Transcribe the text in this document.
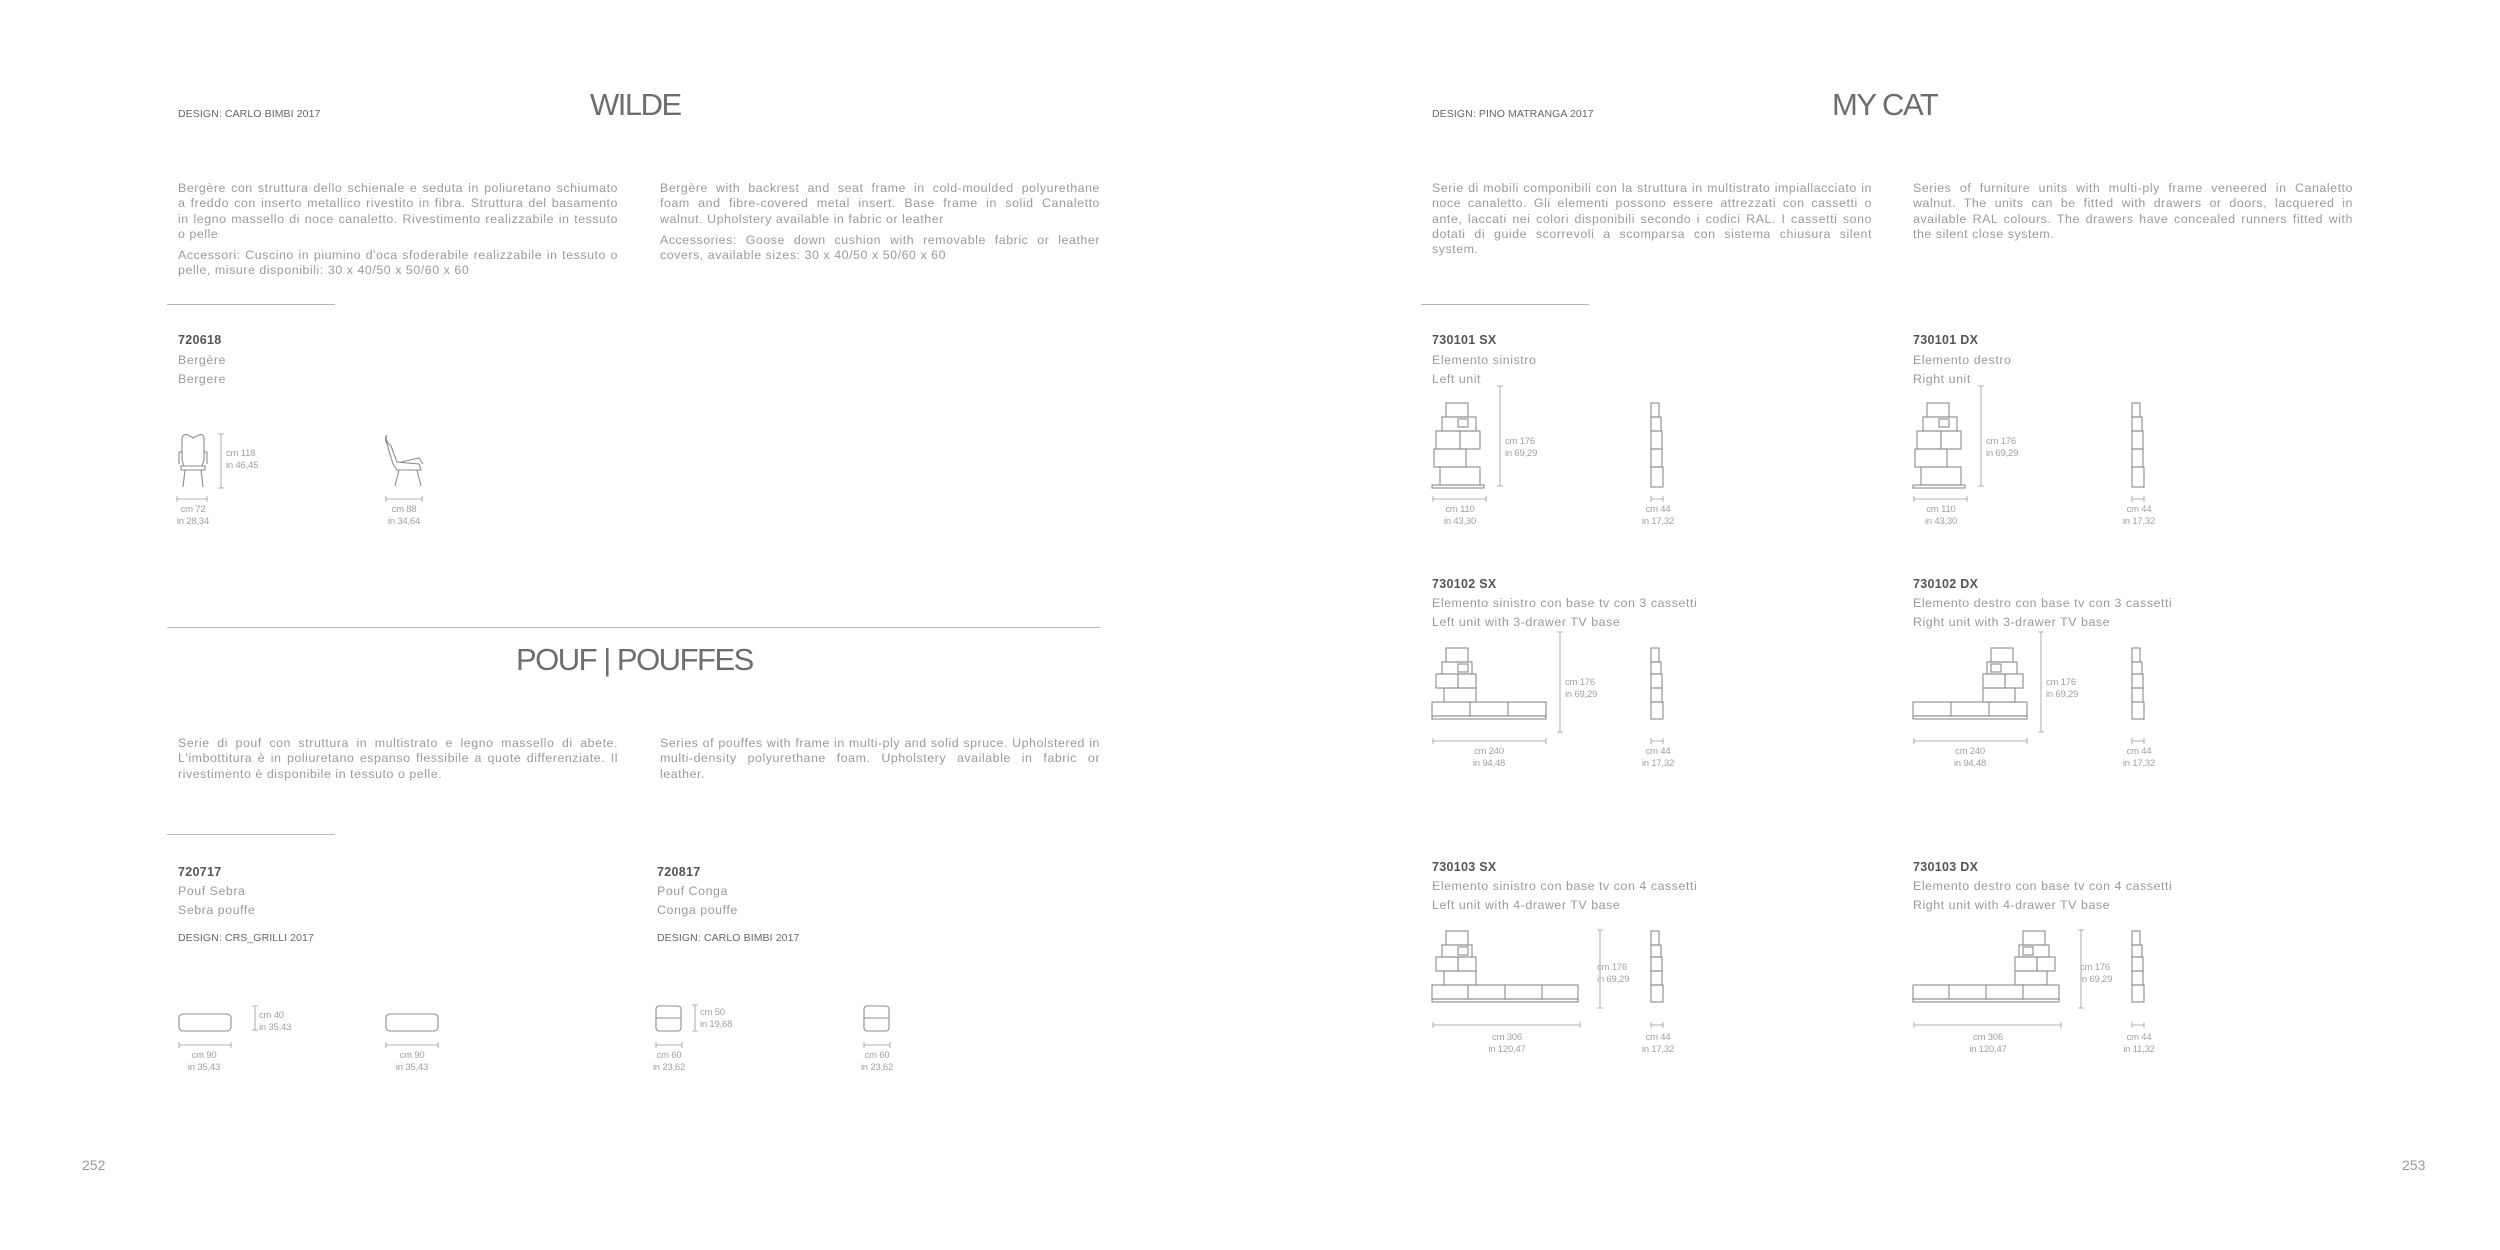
DESIGN: CARLO BIMBI 2017	WILDE
Bergère con struttura dello schienale e seduta in poliuretano schiumato a freddo con inserto metallico rivestito in fibra. Struttura del basamento in legno massello di noce canaletto. Rivestimento realizzabile in tessuto o pelle
Accessori: Cuscino in piumino d'oca sfoderabile realizzabile in tessuto o pelle, misure disponibili: 30 x 40/50 x 50/60 x 60
Bergère with backrest and seat frame in cold-moulded polyurethane foam and fibre-covered metal insert. Base frame in solid Canaletto walnut. Upholstery available in fabric or leather
Accessories: Goose down cushion with removable fabric or leather covers, available sizes: 30 x 40/50 x 50/60 x 60
720618
Bergère
Bergere
cm 118
in 46,45
cm 72
in 28,34
cm 88
in 34,64
POUF | POUFFES
Serie di pouf con struttura in multistrato e legno massello di abete. L'imbottitura è in poliuretano espanso flessibile a quote differenziate. Il rivestimento è disponibile in tessuto o pelle.
Series of pouffes with frame in multi-ply and solid spruce. Upholstered in multi-density polyurethane foam. Upholstery available in fabric or leather.
720717
Pouf Sebra
Sebra pouffe
DESIGN: CRS_GRILLI 2017
cm 40
in 35,43
cm 90
in 35,43
cm 90
in 35,43
720817
Pouf Conga
Conga pouffe
DESIGN: CARLO BIMBI 2017
cm 50
in 19,68
cm 60
in 23,62
cm 60
in 23,62
252
DESIGN: PINO MATRANGA 2017	MY CAT
Serie di mobili componibili con la struttura in multistrato impiallacciato in noce canaletto. Gli elementi possono essere attrezzati con cassetti o ante, laccati nei colori disponibili secondo i codici RAL. I cassetti sono dotati di guide scorrevoli a scomparsa con sistema chiusura silent system.
Series of furniture units with multi-ply frame veneered in Canaletto walnut. The units can be fitted with drawers or doors, lacquered in available RAL colours. The drawers have concealed runners fitted with the silent close system.
730101 SX
Elemento sinistro
Left unit
cm 176
in 69,29
cm 110
in 43,30
cm 44
in 17,32
730101 DX
Elemento destro
Right unit
cm 176
in 69,29
cm 110
in 43,30
cm 44
in 17,32
730102 SX
Elemento sinistro con base tv con 3 cassetti
Left unit with 3-drawer TV base
cm 176
in 69,29
cm 240
in 94,48
cm 44
in 17,32
730102 DX
Elemento destro con base tv con 3 cassetti
Right unit with 3-drawer TV base
cm 176
in 69,29
cm 240
in 94,48
cm 44
in 17,32
730103 SX
Elemento sinistro con base tv con 4 cassetti
Left unit with 4-drawer TV base
cm 176
in 69,29
cm 306
in 120,47
cm 44
in 17,32
730103 DX
Elemento destro con base tv con 4 cassetti
Right unit with 4-drawer TV base
cm 176
in 69,29
cm 306
in 120,47
cm 44
in 11,32
253
